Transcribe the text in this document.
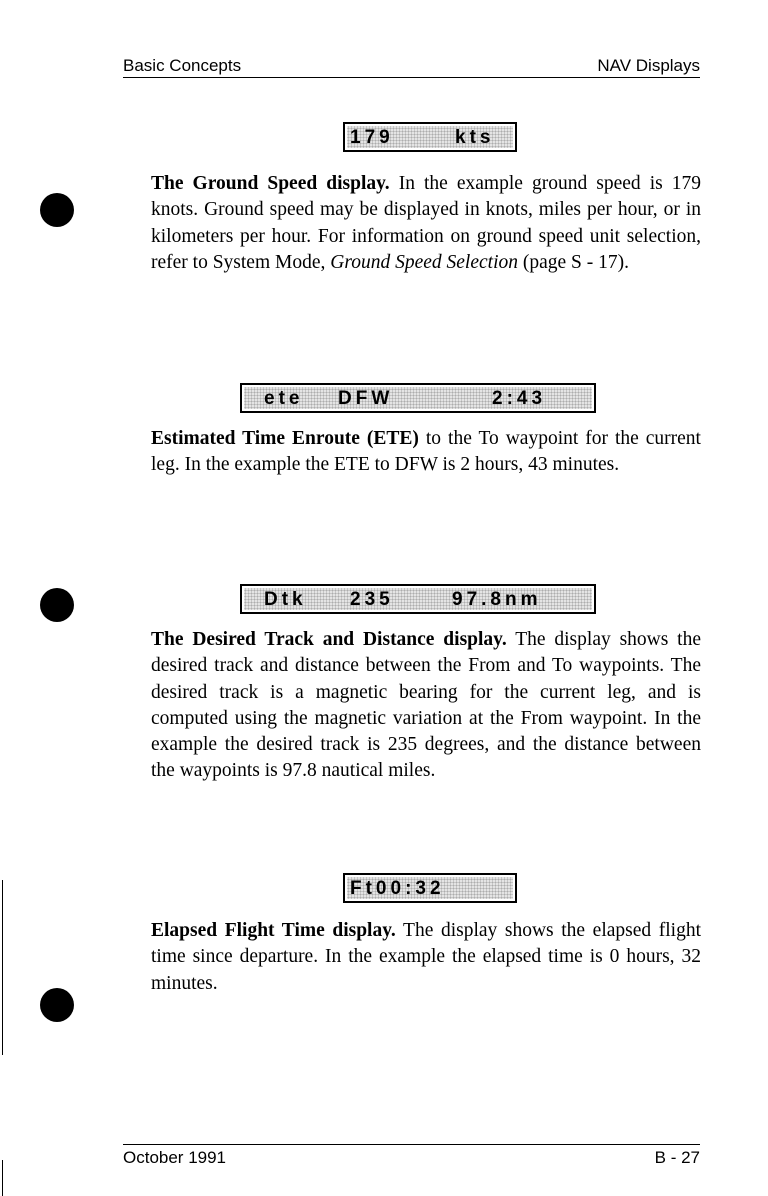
Basic Concepts	NAV Displays
179	kts
The Ground Speed display. In the example ground speed is 179 knots. Ground speed may be displayed in knots, miles per hour, or in kilometers per hour. For information on ground speed unit selection, refer to System Mode, Ground Speed Selection (page S - 17).
ete DFW	2:43
Estimated Time Enroute (ETE) to the To waypoint for the current leg. In the example the ETE to DFW is 2 hours, 43 minutes.
Dtk 235	97.8nm
The Desired Track and Distance display. The display shows the desired track and distance between the From and To waypoints. The desired track is a magnetic bearing for the current leg, and is computed using the magnetic variation at the From waypoint. In the example the desired track is 235 degrees, and the distance between the waypoints is 97.8 nautical miles.
Ft00:32
Elapsed Flight Time display. The display shows the elapsed flight time since departure. In the example the elapsed time is 0 hours, 32 minutes.
October 1991	B - 27
